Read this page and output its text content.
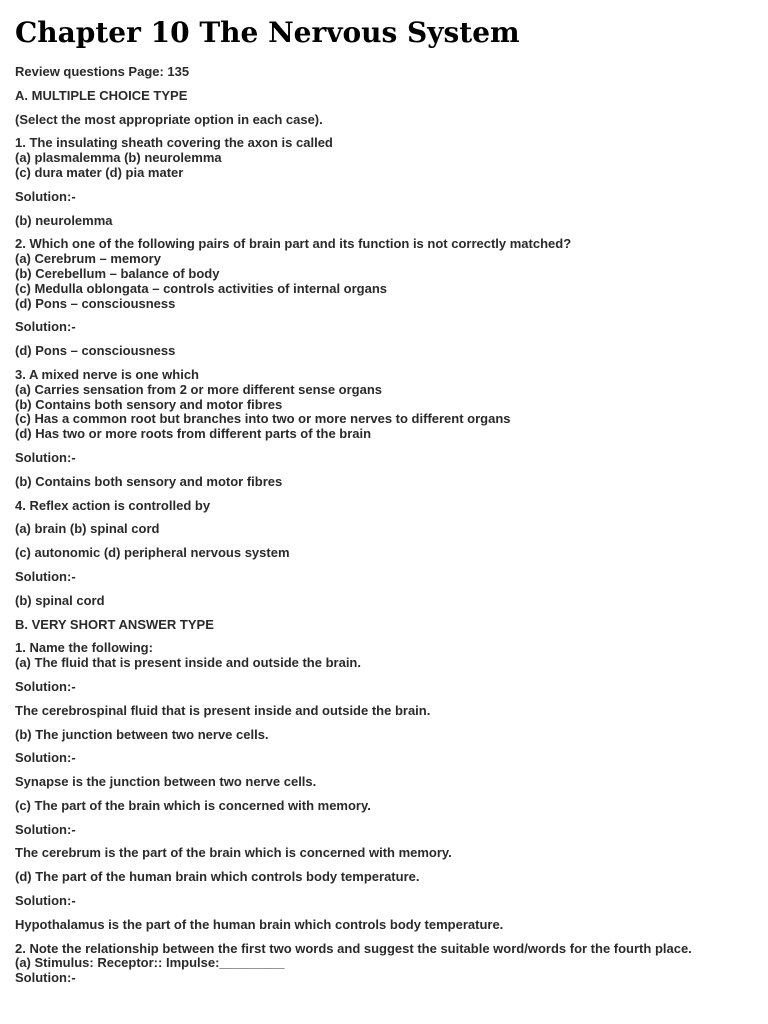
Chapter 10 The Nervous System
Review questions Page: 135
A. MULTIPLE CHOICE TYPE
(Select the most appropriate option in each case).
1. The insulating sheath covering the axon is called
(a) plasmalemma (b) neurolemma
(c) dura mater (d) pia mater
Solution:-
(b) neurolemma
2. Which one of the following pairs of brain part and its function is not correctly matched?
(a) Cerebrum – memory
(b) Cerebellum – balance of body
(c) Medulla oblongata – controls activities of internal organs
(d) Pons – consciousness
Solution:-
(d) Pons – consciousness
3. A mixed nerve is one which
(a) Carries sensation from 2 or more different sense organs
(b) Contains both sensory and motor fibres
(c) Has a common root but branches into two or more nerves to different organs
(d) Has two or more roots from different parts of the brain
Solution:-
(b) Contains both sensory and motor fibres
4. Reflex action is controlled by
(a) brain (b) spinal cord
(c) autonomic (d) peripheral nervous system
Solution:-
(b) spinal cord
B. VERY SHORT ANSWER TYPE
1. Name the following:
(a) The fluid that is present inside and outside the brain.
Solution:-
The cerebrospinal fluid that is present inside and outside the brain.
(b) The junction between two nerve cells.
Solution:-
Synapse is the junction between two nerve cells.
(c) The part of the brain which is concerned with memory.
Solution:-
The cerebrum is the part of the brain which is concerned with memory.
(d) The part of the human brain which controls body temperature.
Solution:-
Hypothalamus is the part of the human brain which controls body temperature.
2. Note the relationship between the first two words and suggest the suitable word/words for the fourth place.
(a) Stimulus: Receptor:: Impulse:_________
Solution:-
